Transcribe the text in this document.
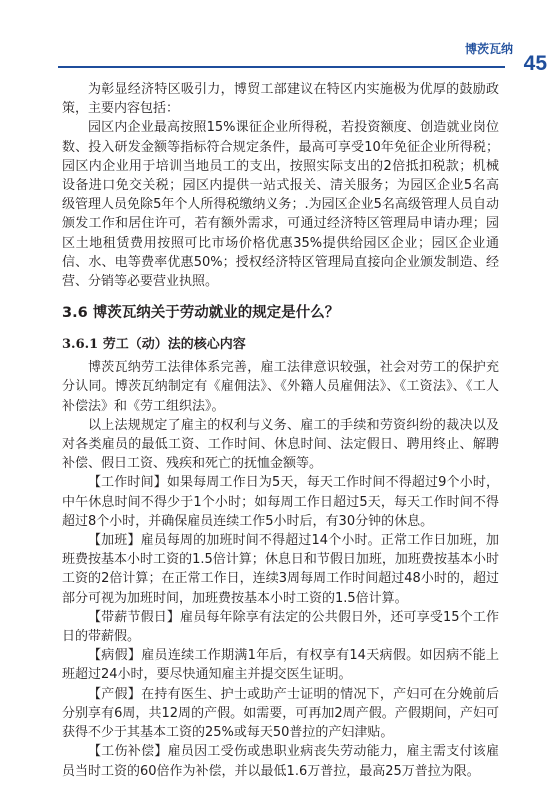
博茨瓦纳
45

为彰显经济特区吸引力，博贸工部建议在特区内实施极为优厚的鼓励政策，主要内容包括：

园区内企业最高按照15%课征企业所得税，若投资额度、创造就业岗位数、投入研发金额等指标符合规定条件，最高可享受10年免征企业所得税；园区内企业用于培训当地员工的支出，按照实际支出的2倍抵扣税款；机械设备进口免交关税；园区内提供一站式报关、清关服务；为园区企业5名高级管理人员免除5年个人所得税缴纳义务；.为园区企业5名高级管理人员自动颁发工作和居住许可，若有额外需求，可通过经济特区管理局申请办理；园区土地租赁费用按照可比市场价格优惠35%提供给园区企业；园区企业通信、水、电等费率优惠50%；授权经济特区管理局直接向企业颁发制造、经营、分销等必要营业执照。

3.6 博茨瓦纳关于劳动就业的规定是什么？
3.6.1 劳工（动）法的核心内容

博茨瓦纳劳工法律体系完善，雇工法律意识较强，社会对劳工的保护充分认同。博茨瓦纳制定有《雇佣法》、《外籍人员雇佣法》、《工资法》、《工人补偿法》和《劳工组织法》。

以上法规规定了雇主的权利与义务、雇工的手续和劳资纠纷的裁决以及对各类雇员的最低工资、工作时间、休息时间、法定假日、聘用终止、解聘补偿、假日工资、残疾和死亡的抚恤金额等。

【工作时间】如果每周工作日为5天，每天工作时间不得超过9个小时，中午休息时间不得少于1个小时；如每周工作日超过5天，每天工作时间不得超过8个小时，并确保雇员连续工作5小时后，有30分钟的休息。

【加班】雇员每周的加班时间不得超过14个小时。正常工作日加班，加班费按基本小时工资的1.5倍计算；休息日和节假日加班，加班费按基本小时工资的2倍计算；在正常工作日，连续3周每周工作时间超过48小时的，超过部分可视为加班时间，加班费按基本小时工资的1.5倍计算。

【带薪节假日】雇员每年除享有法定的公共假日外，还可享受15个工作日的带薪假。

【病假】雇员连续工作期满1年后，有权享有14天病假。如因病不能上班超过24小时，要尽快通知雇主并提交医生证明。

【产假】在持有医生、护士或助产士证明的情况下，产妇可在分娩前后分别享有6周，共12周的产假。如需要，可再加2周产假。产假期间，产妇可获得不少于其基本工资的25%或每天50普拉的产妇津贴。

【工伤补偿】雇员因工受伤或患职业病丧失劳动能力，雇主需支付该雇员当时工资的60倍作为补偿，并以最低1.6万普拉，最高25万普拉为限。
